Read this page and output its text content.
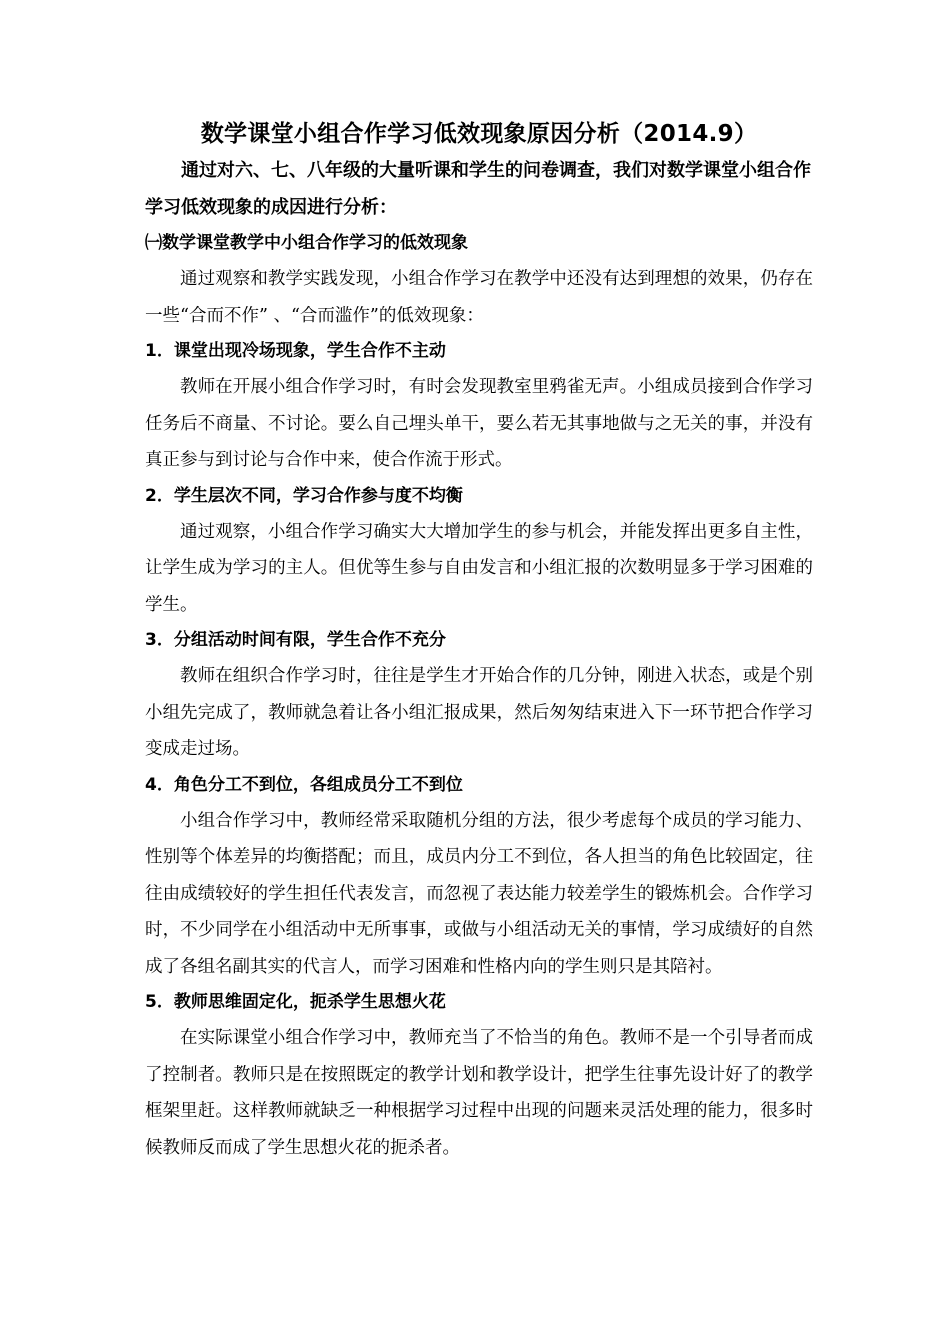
数学课堂小组合作学习低效现象原因分析（2014.9）

通过对六、七、八年级的大量听课和学生的问卷调查，我们对数学课堂小组合作学习低效现象的成因进行分析：

㈠数学课堂教学中小组合作学习的低效现象

通过观察和教学实践发现，小组合作学习在教学中还没有达到理想的效果，仍存在一些“合而不作” 、“合而滥作”的低效现象：

1．课堂出现冷场现象，学生合作不主动

教师在开展小组合作学习时，有时会发现教室里鸦雀无声。小组成员接到合作学习任务后不商量、不讨论。要么自己埋头单干，要么若无其事地做与之无关的事，并没有真正参与到讨论与合作中来，使合作流于形式。

2．学生层次不同，学习合作参与度不均衡

通过观察，小组合作学习确实大大增加学生的参与机会，并能发挥出更多自主性，让学生成为学习的主人。但优等生参与自由发言和小组汇报的次数明显多于学习困难的学生。

3．分组活动时间有限，学生合作不充分

教师在组织合作学习时，往往是学生才开始合作的几分钟，刚进入状态，或是个别小组先完成了，教师就急着让各小组汇报成果，然后匆匆结束进入下一环节把合作学习变成走过场。

4．角色分工不到位，各组成员分工不到位

小组合作学习中，教师经常采取随机分组的方法，很少考虑每个成员的学习能力、性别等个体差异的均衡搭配；而且，成员内分工不到位，各人担当的角色比较固定，往往由成绩较好的学生担任代表发言，而忽视了表达能力较差学生的锻炼机会。合作学习时，不少同学在小组活动中无所事事，或做与小组活动无关的事情，学习成绩好的自然成了各组名副其实的代言人，而学习困难和性格内向的学生则只是其陪衬。

5．教师思维固定化，扼杀学生思想火花

在实际课堂小组合作学习中，教师充当了不恰当的角色。教师不是一个引导者而成了控制者。教师只是在按照既定的教学计划和教学设计，把学生往事先设计好了的教学框架里赶。这样教师就缺乏一种根据学习过程中出现的问题来灵活处理的能力，很多时候教师反而成了学生思想火花的扼杀者。
